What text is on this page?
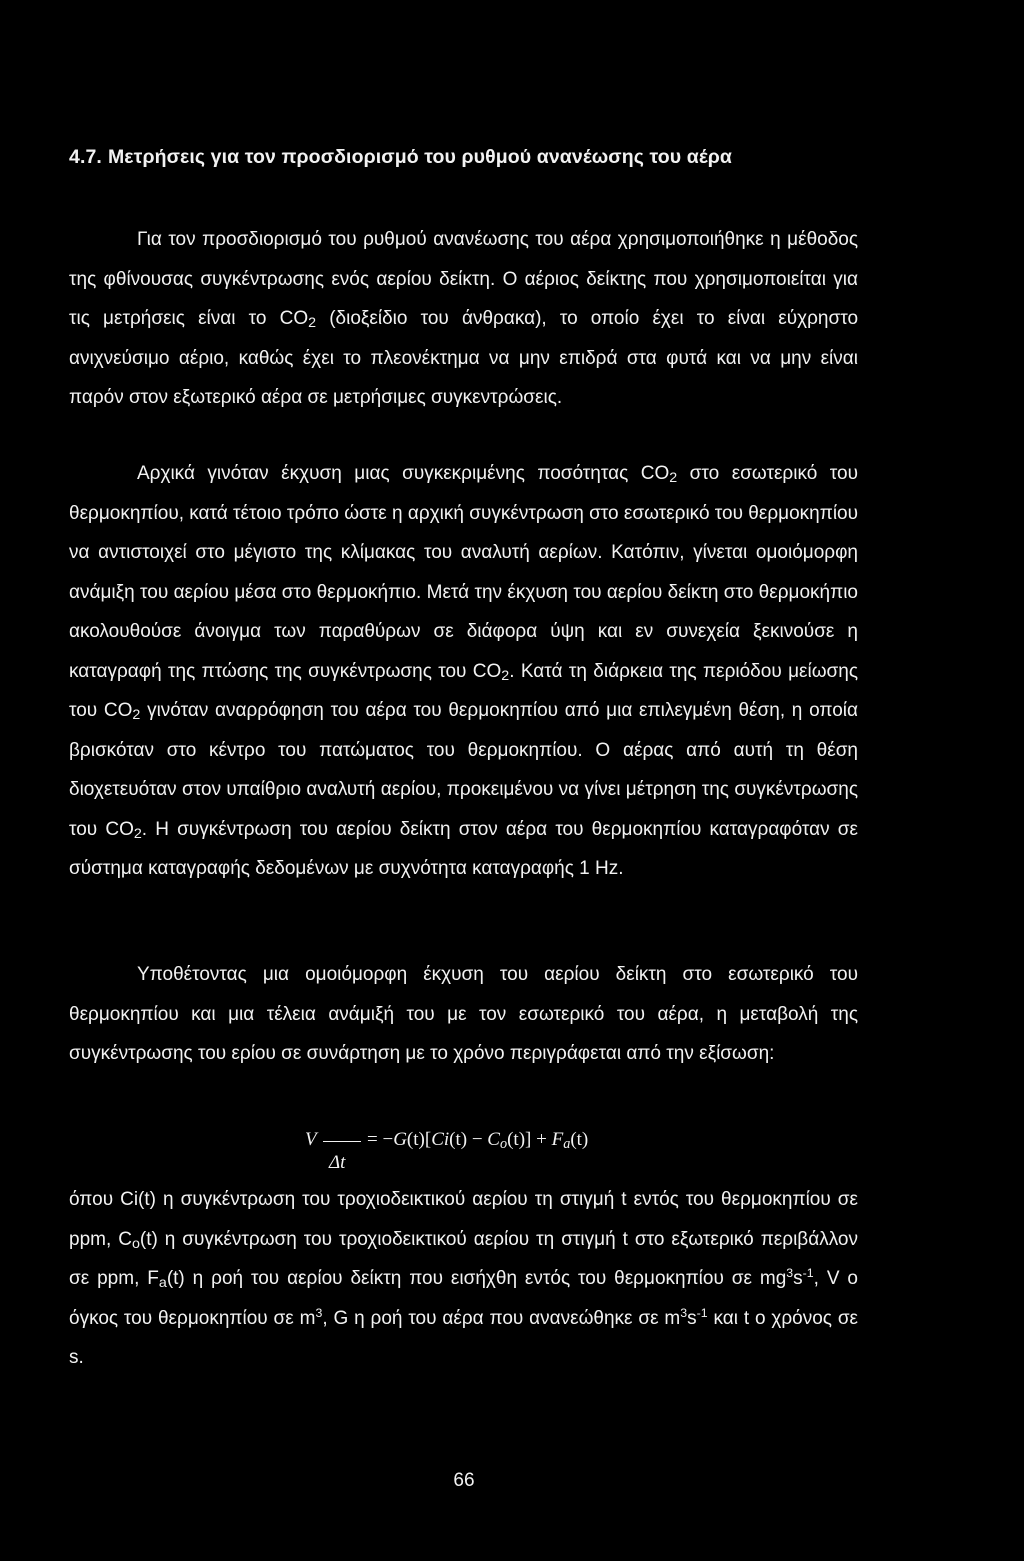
4.7. Μετρήσεις για τον προσδιορισμό του ρυθμού ανανέωσης του αέρα
Για τον προσδιορισμό του ρυθμού ανανέωσης του αέρα χρησιμοποιήθηκε η μέθοδος της φθίνουσας συγκέντρωσης ενός αερίου δείκτη. Ο αέριος δείκτης που χρησιμοποιείται για τις μετρήσεις είναι το $CO_2$ (διοξείδιο του άνθρακα), το οποίο έχει το είναι εύχρηστο ανιχνεύσιμο αέριο, καθώς έχει το πλεονέκτημα να μην επιδρά στα φυτά και να μην είναι παρόν στον εξωτερικό αέρα σε μετρήσιμες συγκεντρώσεις.
Αρχικά γινόταν έκχυση μιας συγκεκριμένης ποσότητας $CO_2$ στο εσωτερικό του θερμοκηπίου, κατά τέτοιο τρόπο ώστε η αρχική συγκέντρωση στο εσωτερικό του θερμοκηπίου να αντιστοιχεί στο μέγιστο της κλίμακας του αναλυτή αερίων. Κατόπιν, γίνεται ομοιόμορφη ανάμιξη του αερίου μέσα στο θερμοκήπιο. Μετά την έκχυση του αερίου δείκτη στο θερμοκήπιο ακολουθούσε άνοιγμα των παραθύρων σε διάφορα ύψη και εν συνεχεία ξεκινούσε η καταγραφή της πτώσης της συγκέντρωσης του $CO_2$. Κατά τη διάρκεια της περιόδου μείωσης του $CO_2$ γινόταν αναρρόφηση του αέρα του θερμοκηπίου από μια επιλεγμένη θέση, η οποία βρισκόταν στο κέντρο του πατώματος του θερμοκηπίου. Ο αέρας από αυτή τη θέση διοχετευόταν στον υπαίθριο αναλυτή αερίου, προκειμένου να γίνει μέτρηση της συγκέντρωσης του $CO_2$. Η συγκέντρωση του αερίου δείκτη στον αέρα του θερμοκηπίου καταγραφόταν σε σύστημα καταγραφής δεδομένων με συχνότητα καταγραφής 1 Hz.
Υποθέτοντας μια ομοιόμορφη έκχυση του αερίου δείκτη στο εσωτερικό του θερμοκηπίου και μια τέλεια ανάμιξή του με τον εσωτερικό του αέρα, η μεταβολή της συγκέντρωσης του ερίου σε συνάρτηση με το χρόνο περιγράφεται από την εξίσωση:
V
Δt
= $-G(t)[Ci(t) - C_o(t)] + F_a(t)$
όπου Ci(t) η συγκέντρωση του τροχιοδεικτικού αερίου τη στιγμή t εντός του θερμοκηπίου σε ppm, $C_o(t)$ η συγκέντρωση του τροχιοδεικτικού αερίου τη στιγμή t στο εξωτερικό περιβάλλον σε ppm, $F_a(t)$ η ροή του αερίου δείκτη που εισήχθη εντός του θερμοκηπίου σε $mg^3s^{-1}$, V ο όγκος του θερμοκηπίου σε $m^3$, G η ροή του αέρα που ανανεώθηκε σε $m^3s^{-1}$ και t ο χρόνος σε s.
66
